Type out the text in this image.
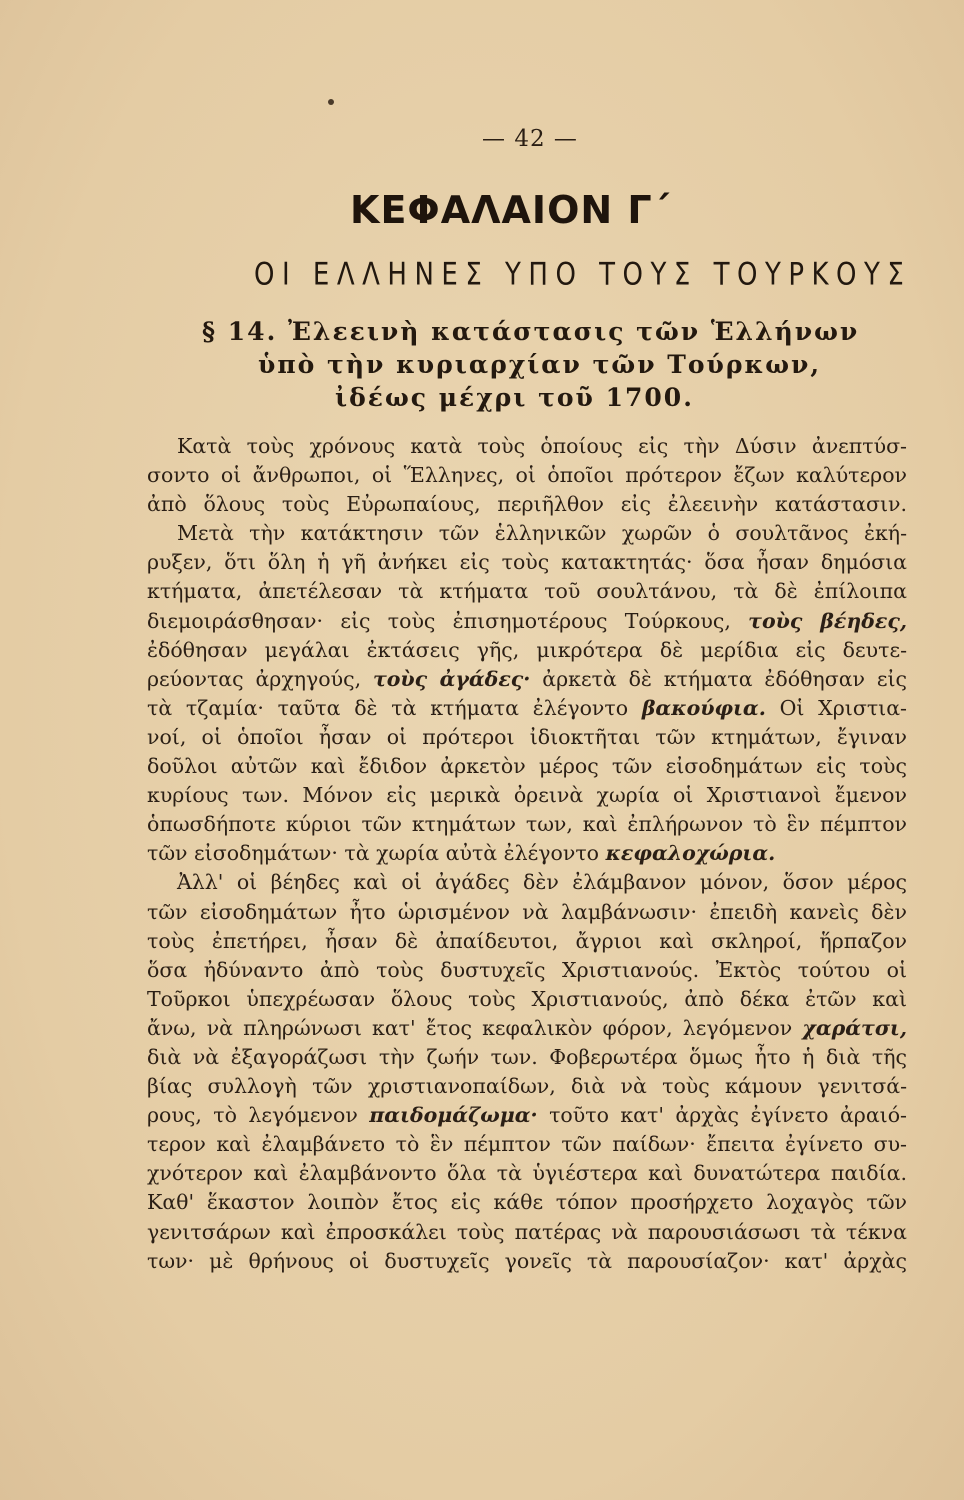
— 42 —
ΚΕΦΑΛΑΙΟΝ Γ΄
ΟΙ ΕΛΛΗΝΕΣ ΥΠΟ ΤΟΥΣ ΤΟΥΡΚΟΥΣ
§ 14. Ἐλεεινὴ κατάστασις τῶν Ἑλλήνων
ὑπὸ τὴν κυριαρχίαν τῶν Τούρκων,
ἰδέως μέχρι τοῦ 1700.
Κατὰ τοὺς χρόνους κατὰ τοὺς ὁποίους εἰς τὴν Δύσιν ἀνεπτύσ-
σοντο οἱ ἄνθρωποι, οἱ Ἕλληνες, οἱ ὁποῖοι πρότερον ἔζων καλύτερον
ἀπὸ ὅλους τοὺς Εὐρωπαίους, περιῆλθον εἰς ἐλεεινὴν κατάστασιν.
Μετὰ τὴν κατάκτησιν τῶν ἑλληνικῶν χωρῶν ὁ σουλτᾶνος ἐκή-
ρυξεν, ὅτι ὅλη ἡ γῆ ἀνήκει εἰς τοὺς κατακτητάς· ὅσα ἦσαν δημόσια
κτήματα, ἀπετέλεσαν τὰ κτήματα τοῦ σουλτάνου, τὰ δὲ ἐπίλοιπα
διεμοιράσθησαν· εἰς τοὺς ἐπισημοτέρους Τούρκους, τοὺς βέηδες,
ἐδόθησαν μεγάλαι ἐκτάσεις γῆς, μικρότερα δὲ μερίδια εἰς δευτε-
ρεύοντας ἀρχηγούς, τοὺς ἀγάδες· ἀρκετὰ δὲ κτήματα ἐδόθησαν εἰς
τὰ τζαμία· ταῦτα δὲ τὰ κτήματα ἐλέγοντο βακούφια. Οἱ Χριστια-
νοί, οἱ ὁποῖοι ἦσαν οἱ πρότεροι ἰδιοκτῆται τῶν κτημάτων, ἔγιναν
δοῦλοι αὐτῶν καὶ ἔδιδον ἀρκετὸν μέρος τῶν εἰσοδημάτων εἰς τοὺς
κυρίους των. Μόνον εἰς μερικὰ ὀρεινὰ χωρία οἱ Χριστιανοὶ ἔμενον
ὁπωσδήποτε κύριοι τῶν κτημάτων των, καὶ ἐπλήρωνον τὸ ἓν πέμπτον
τῶν εἰσοδημάτων· τὰ χωρία αὐτὰ ἐλέγοντο κεφαλοχώρια.
Ἀλλ' οἱ βέηδες καὶ οἱ ἀγάδες δὲν ἐλάμβανον μόνον, ὅσον μέρος
τῶν εἰσοδημάτων ἦτο ὡρισμένον νὰ λαμβάνωσιν· ἐπειδὴ κανεὶς δὲν
τοὺς ἐπετήρει, ἦσαν δὲ ἀπαίδευτοι, ἄγριοι καὶ σκληροί, ἥρπαζον
ὅσα ἠδύναντο ἀπὸ τοὺς δυστυχεῖς Χριστιανούς. Ἐκτὸς τούτου οἱ
Τοῦρκοι ὑπεχρέωσαν ὅλους τοὺς Χριστιανούς, ἀπὸ δέκα ἐτῶν καὶ
ἄνω, νὰ πληρώνωσι κατ' ἔτος κεφαλικὸν φόρον, λεγόμενον χαράτσι,
διὰ νὰ ἐξαγοράζωσι τὴν ζωήν των. Φοβερωτέρα ὅμως ἦτο ἡ διὰ τῆς
βίας συλλογὴ τῶν χριστιανοπαίδων, διὰ νὰ τοὺς κάμουν γενιτσά-
ρους, τὸ λεγόμενον παιδομάζωμα· τοῦτο κατ' ἀρχὰς ἐγίνετο ἀραιό-
τερον καὶ ἐλαμβάνετο τὸ ἓν πέμπτον τῶν παίδων· ἔπειτα ἐγίνετο συ-
χνότερον καὶ ἐλαμβάνοντο ὅλα τὰ ὑγιέστερα καὶ δυνατώτερα παιδία.
Καθ' ἕκαστον λοιπὸν ἔτος εἰς κάθε τόπον προσήρχετο λοχαγὸς τῶν
γενιτσάρων καὶ ἐπροσκάλει τοὺς πατέρας νὰ παρουσιάσωσι τὰ τέκνα
των· μὲ θρήνους οἱ δυστυχεῖς γονεῖς τὰ παρουσίαζον· κατ' ἀρχὰς
